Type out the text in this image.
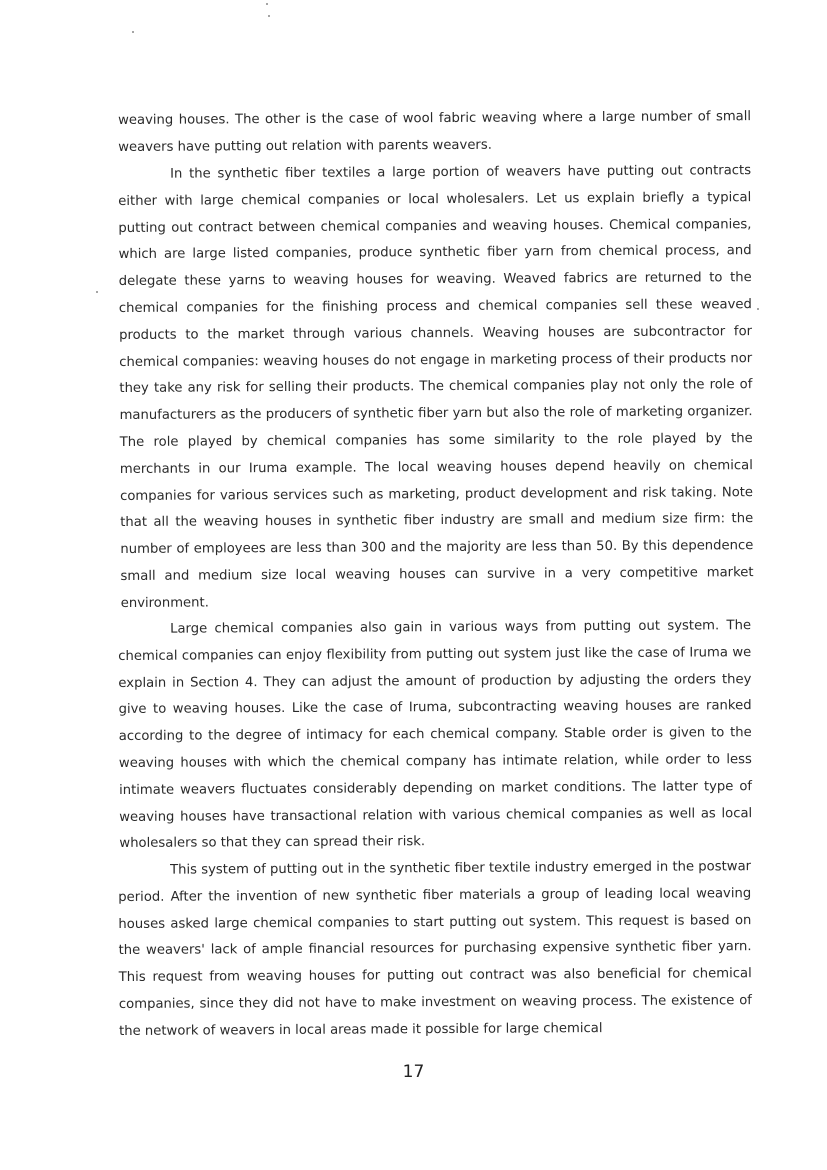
weaving houses. The other is the case of wool fabric weaving where a large number of small weavers have putting out relation with parents weavers.

In the synthetic fiber textiles a large portion of weavers have putting out contracts either with large chemical companies or local wholesalers. Let us explain briefly a typical putting out contract between chemical companies and weaving houses. Chemical companies, which are large listed companies, produce synthetic fiber yarn from chemical process, and delegate these yarns to weaving houses for weaving. Weaved fabrics are returned to the chemical companies for the finishing process and chemical companies sell these weaved products to the market through various channels. Weaving houses are subcontractor for chemical companies: weaving houses do not engage in marketing process of their products nor they take any risk for selling their products. The chemical companies play not only the role of manufacturers as the producers of synthetic fiber yarn but also the role of marketing organizer. The role played by chemical companies has some similarity to the role played by the merchants in our Iruma example. The local weaving houses depend heavily on chemical companies for various services such as marketing, product development and risk taking. Note that all the weaving houses in synthetic fiber industry are small and medium size firm: the number of employees are less than 300 and the majority are less than 50. By this dependence small and medium size local weaving houses can survive in a very competitive market environment.

Large chemical companies also gain in various ways from putting out system. The chemical companies can enjoy flexibility from putting out system just like the case of Iruma we explain in Section 4. They can adjust the amount of production by adjusting the orders they give to weaving houses. Like the case of Iruma, subcontracting weaving houses are ranked according to the degree of intimacy for each chemical company. Stable order is given to the weaving houses with which the chemical company has intimate relation, while order to less intimate weavers fluctuates considerably depending on market conditions. The latter type of weaving houses have transactional relation with various chemical companies as well as local wholesalers so that they can spread their risk.

This system of putting out in the synthetic fiber textile industry emerged in the postwar period. After the invention of new synthetic fiber materials a group of leading local weaving houses asked large chemical companies to start putting out system. This request is based on the weavers' lack of ample financial resources for purchasing expensive synthetic fiber yarn. This request from weaving houses for putting out contract was also beneficial for chemical companies, since they did not have to make investment on weaving process. The existence of the network of weavers in local areas made it possible for large chemical

17
